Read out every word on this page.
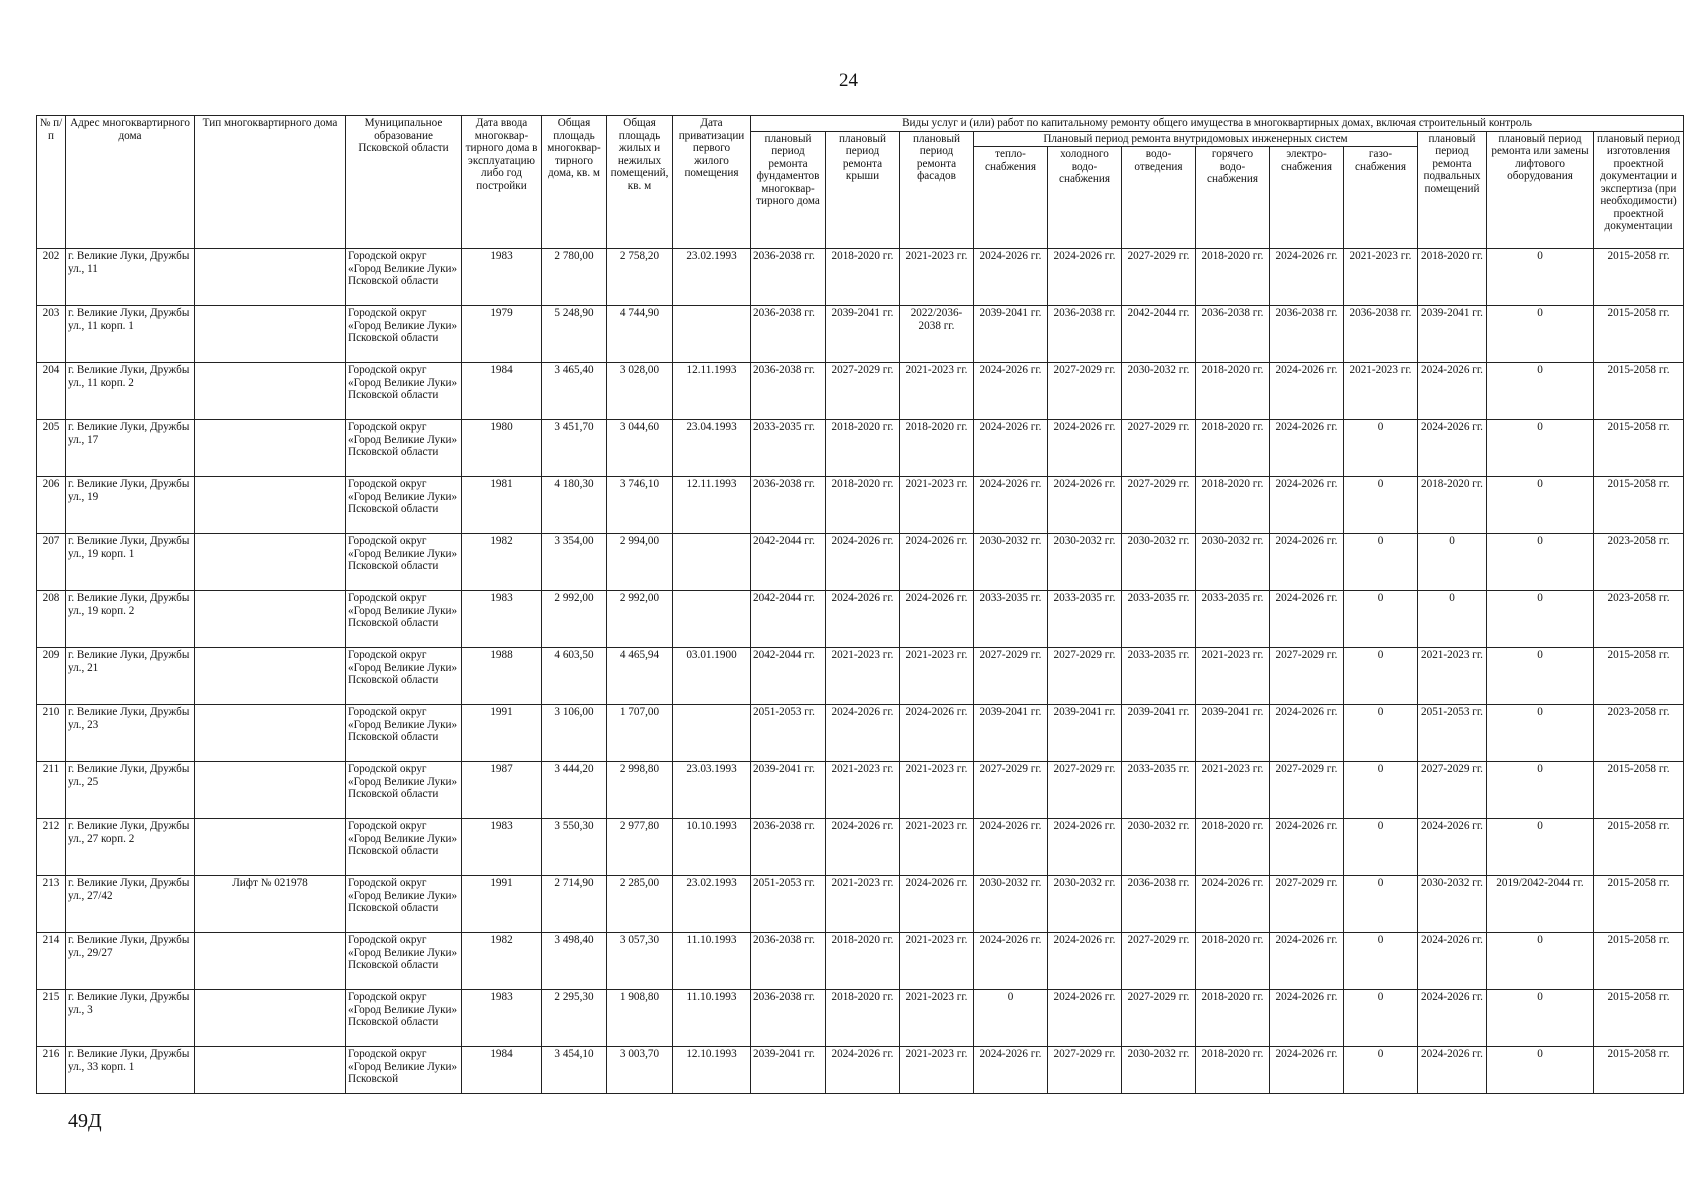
24
№ п/п	Адрес многоквартирного дома	Тип многоквартирного дома	Муниципальное образование Псковской области	Дата ввода многоквар-тирного дома в эксплуатацию либо год постройки	Общая площадь многоквар-тирного дома, кв. м	Общая площадь жилых и нежилых помещений, кв. м	Дата приватизации первого жилого помещения	Виды услуг и (или) работ по капитальному ремонту общего имущества в многоквартирных домах, включая строительный контроль											
								плановый период ремонта фундаментов многоквар-тирного дома	плановый период ремонта крыши	плановый период ремонта фасадов	Плановый период ремонта внутридомовых инженерных систем						плановый период ремонта подвальных помещений	плановый период ремонта или замены лифтового оборудования	плановый период изготовления проектной документации и экспертиза (при необходимости) проектной документации
											тепло-снабжения	холодного водо-снабжения	водо-отведения	горячего водо-снабжения	электро-снабжения	газо-снабжения			
202	г. Великие Луки, Дружбы ул., 11		Городской округ «Город Великие Луки» Псковской области	1983	2 780,00	2 758,20	23.02.1993	2036-2038 гг.	2018-2020 гг.	2021-2023 гг.	2024-2026 гг.	2024-2026 гг.	2027-2029 гг.	2018-2020 гг.	2024-2026 гг.	2021-2023 гг.	2018-2020 гг.	0	2015-2058 гг.
203	г. Великие Луки, Дружбы ул., 11 корп. 1		Городской округ «Город Великие Луки» Псковской области	1979	5 248,90	4 744,90		2036-2038 гг.	2039-2041 гг.	2022/2036-2038 гг.	2039-2041 гг.	2036-2038 гг.	2042-2044 гг.	2036-2038 гг.	2036-2038 гг.	2036-2038 гг.	2039-2041 гг.	0	2015-2058 гг.
204	г. Великие Луки, Дружбы ул., 11 корп. 2		Городской округ «Город Великие Луки» Псковской области	1984	3 465,40	3 028,00	12.11.1993	2036-2038 гг.	2027-2029 гг.	2021-2023 гг.	2024-2026 гг.	2027-2029 гг.	2030-2032 гг.	2018-2020 гг.	2024-2026 гг.	2021-2023 гг.	2024-2026 гг.	0	2015-2058 гг.
205	г. Великие Луки, Дружбы ул., 17		Городской округ «Город Великие Луки» Псковской области	1980	3 451,70	3 044,60	23.04.1993	2033-2035 гг.	2018-2020 гг.	2018-2020 гг.	2024-2026 гг.	2024-2026 гг.	2027-2029 гг.	2018-2020 гг.	2024-2026 гг.	0	2024-2026 гг.	0	2015-2058 гг.
206	г. Великие Луки, Дружбы ул., 19		Городской округ «Город Великие Луки» Псковской области	1981	4 180,30	3 746,10	12.11.1993	2036-2038 гг.	2018-2020 гг.	2021-2023 гг.	2024-2026 гг.	2024-2026 гг.	2027-2029 гг.	2018-2020 гг.	2024-2026 гг.	0	2018-2020 гг.	0	2015-2058 гг.
207	г. Великие Луки, Дружбы ул., 19 корп. 1		Городской округ «Город Великие Луки» Псковской области	1982	3 354,00	2 994,00		2042-2044 гг.	2024-2026 гг.	2024-2026 гг.	2030-2032 гг.	2030-2032 гг.	2030-2032 гг.	2030-2032 гг.	2024-2026 гг.	0	0	0	2023-2058 гг.
208	г. Великие Луки, Дружбы ул., 19 корп. 2		Городской округ «Город Великие Луки» Псковской области	1983	2 992,00	2 992,00		2042-2044 гг.	2024-2026 гг.	2024-2026 гг.	2033-2035 гг.	2033-2035 гг.	2033-2035 гг.	2033-2035 гг.	2024-2026 гг.	0	0	0	2023-2058 гг.
209	г. Великие Луки, Дружбы ул., 21		Городской округ «Город Великие Луки» Псковской области	1988	4 603,50	4 465,94	03.01.1900	2042-2044 гг.	2021-2023 гг.	2021-2023 гг.	2027-2029 гг.	2027-2029 гг.	2033-2035 гг.	2021-2023 гг.	2027-2029 гг.	0	2021-2023 гг.	0	2015-2058 гг.
210	г. Великие Луки, Дружбы ул., 23		Городской округ «Город Великие Луки» Псковской области	1991	3 106,00	1 707,00		2051-2053 гг.	2024-2026 гг.	2024-2026 гг.	2039-2041 гг.	2039-2041 гг.	2039-2041 гг.	2039-2041 гг.	2024-2026 гг.	0	2051-2053 гг.	0	2023-2058 гг.
211	г. Великие Луки, Дружбы ул., 25		Городской округ «Город Великие Луки» Псковской области	1987	3 444,20	2 998,80	23.03.1993	2039-2041 гг.	2021-2023 гг.	2021-2023 гг.	2027-2029 гг.	2027-2029 гг.	2033-2035 гг.	2021-2023 гг.	2027-2029 гг.	0	2027-2029 гг.	0	2015-2058 гг.
212	г. Великие Луки, Дружбы ул., 27 корп. 2		Городской округ «Город Великие Луки» Псковской области	1983	3 550,30	2 977,80	10.10.1993	2036-2038 гг.	2024-2026 гг.	2021-2023 гг.	2024-2026 гг.	2024-2026 гг.	2030-2032 гг.	2018-2020 гг.	2024-2026 гг.	0	2024-2026 гг.	0	2015-2058 гг.
213	г. Великие Луки, Дружбы ул., 27/42	Лифт № 021978	Городской округ «Город Великие Луки» Псковской области	1991	2 714,90	2 285,00	23.02.1993	2051-2053 гг.	2021-2023 гг.	2024-2026 гг.	2030-2032 гг.	2030-2032 гг.	2036-2038 гг.	2024-2026 гг.	2027-2029 гг.	0	2030-2032 гг.	2019/2042-2044 гг.	2015-2058 гг.
214	г. Великие Луки, Дружбы ул., 29/27		Городской округ «Город Великие Луки» Псковской области	1982	3 498,40	3 057,30	11.10.1993	2036-2038 гг.	2018-2020 гг.	2021-2023 гг.	2024-2026 гг.	2024-2026 гг.	2027-2029 гг.	2018-2020 гг.	2024-2026 гг.	0	2024-2026 гг.	0	2015-2058 гг.
215	г. Великие Луки, Дружбы ул., 3		Городской округ «Город Великие Луки» Псковской области	1983	2 295,30	1 908,80	11.10.1993	2036-2038 гг.	2018-2020 гг.	2021-2023 гг.	0	2024-2026 гг.	2027-2029 гг.	2018-2020 гг.	2024-2026 гг.	0	2024-2026 гг.	0	2015-2058 гг.
216	г. Великие Луки, Дружбы ул., 33 корп. 1		Городской округ «Город Великие Луки» Псковской	1984	3 454,10	3 003,70	12.10.1993	2039-2041 гг.	2024-2026 гг.	2021-2023 гг.	2024-2026 гг.	2027-2029 гг.	2030-2032 гг.	2018-2020 гг.	2024-2026 гг.	0	2024-2026 гг.	0	2015-2058 гг.
49Д
